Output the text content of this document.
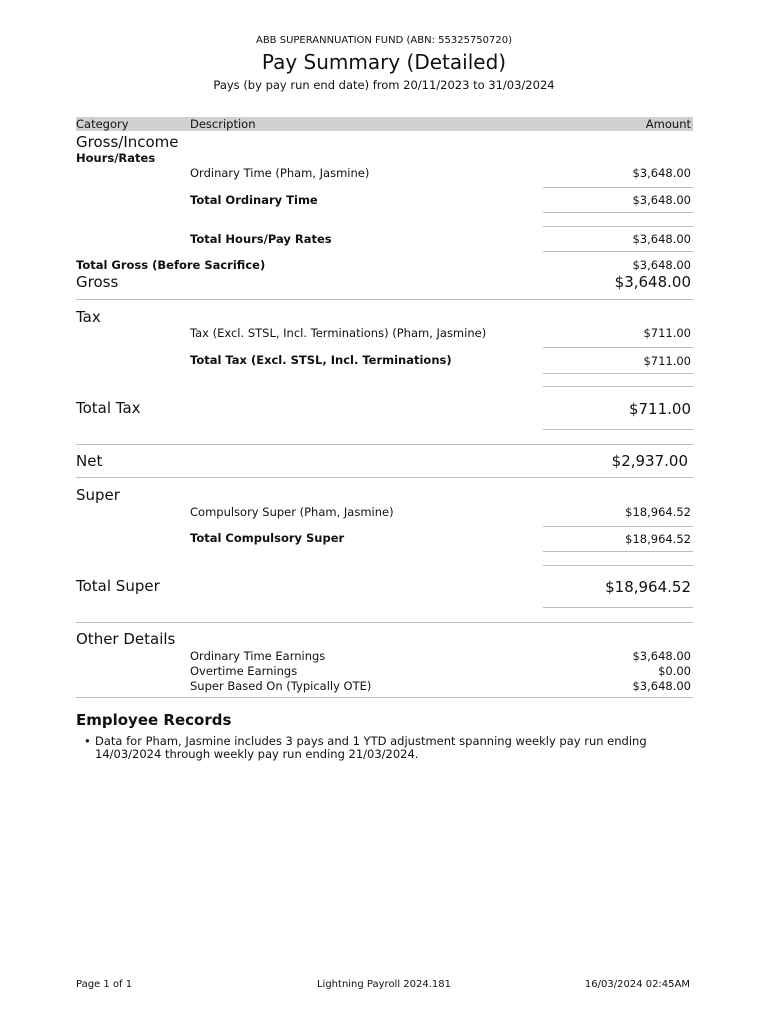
ABB SUPERANNUATION FUND (ABN: 55325750720)
Pay Summary (Detailed)
Pays (by pay run end date) from 20/11/2023 to 31/03/2024
Category	Description	Amount
Gross/Income
Hours/Rates
Ordinary Time (Pham, Jasmine)	$3,648.00
Total Ordinary Time	$3,648.00
Total Hours/Pay Rates	$3,648.00
Total Gross (Before Sacrifice)	$3,648.00
Gross	$3,648.00
Tax
Tax (Excl. STSL, Incl. Terminations) (Pham, Jasmine)	$711.00
Total Tax (Excl. STSL, Incl. Terminations)	$711.00
Total Tax	$711.00
Net	$2,937.00
Super
Compulsory Super (Pham, Jasmine)	$18,964.52
Total Compulsory Super	$18,964.52
Total Super	$18,964.52
Other Details
Ordinary Time Earnings	$3,648.00
Overtime Earnings	$0.00
Super Based On (Typically OTE)	$3,648.00
Employee Records
• Data for Pham, Jasmine includes 3 pays and 1 YTD adjustment spanning weekly pay run ending
14/03/2024 through weekly pay run ending 21/03/2024.
Page 1 of 1	Lightning Payroll 2024.181	16/03/2024 02:45AM
